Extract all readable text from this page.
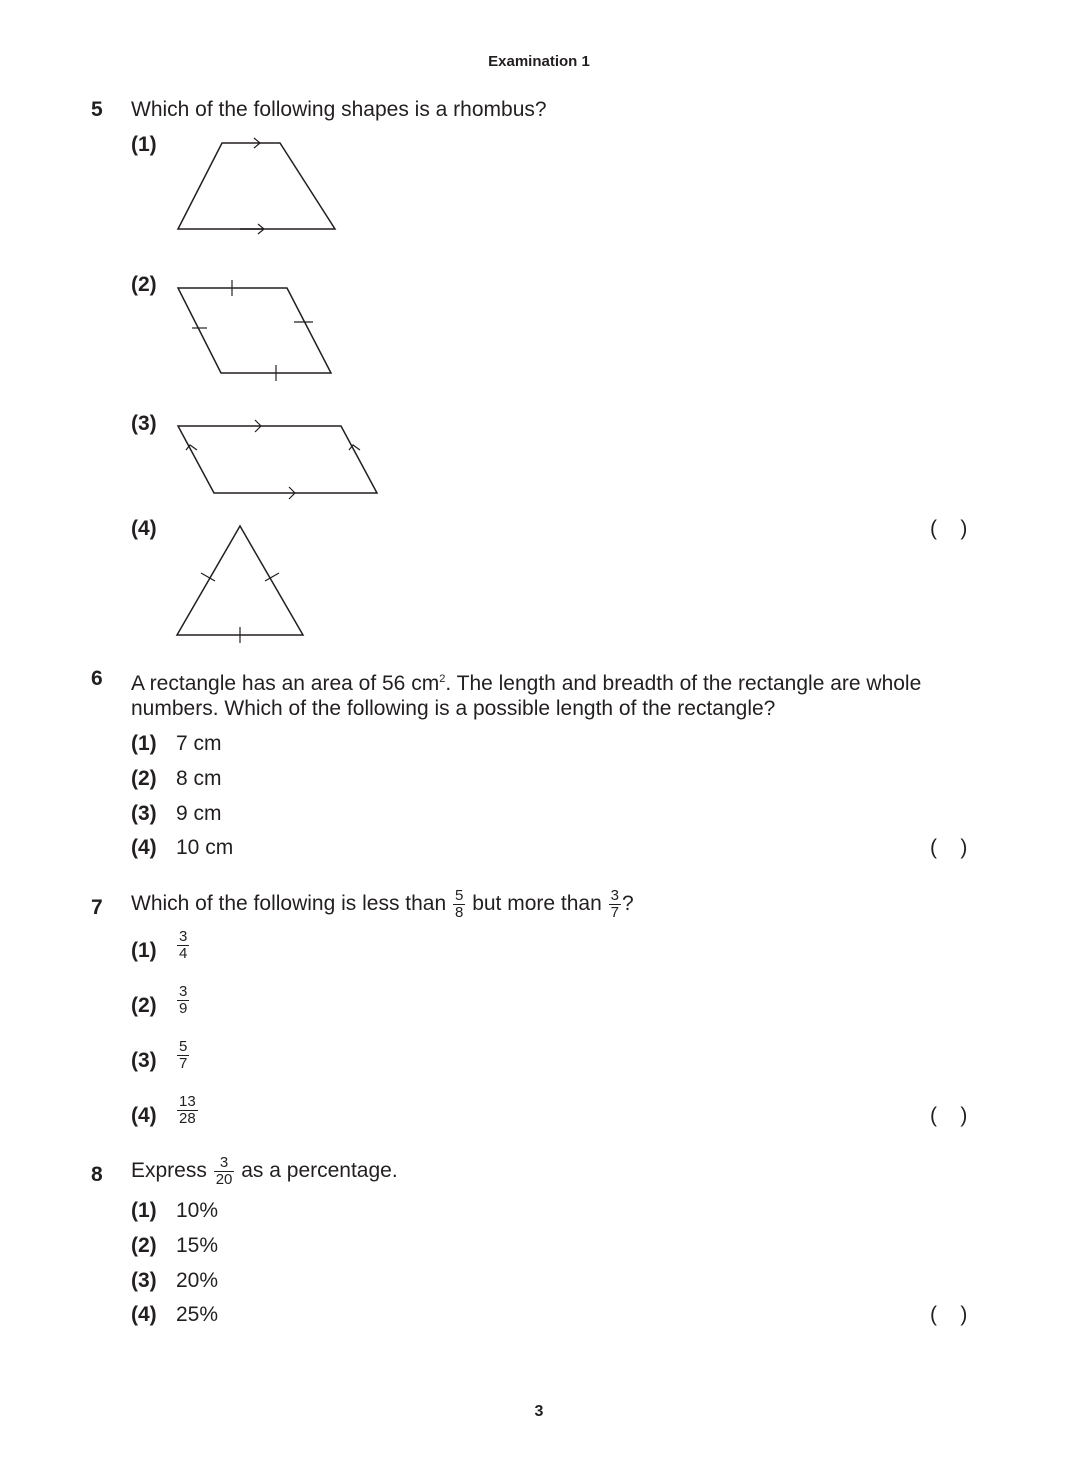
Examination 1
5 Which of the following shapes is a rhombus?
(1)
(2)
(3)
(4)	(    )
6 A rectangle has an area of 56 $cm^2$. The length and breadth of the rectangle are whole
numbers. Which of the following is a possible length of the rectangle?
(1) 7 cm
(2) 8 cm
(3) 9 cm
(4) 10 cm	(    )
7 Which of the following is less than $\frac{5}{8}$ but more than $\frac{3}{7}$ ?
$(1) \frac{3}{4}$
$(2) \frac{3}{9}$
$(3) \frac{5}{7}$
$(4) \frac{13}{28}$	(    )
8 Express $\frac{3}{20}$ as a percentage.
(1) 10%
(2) 15%
(3) 20%
(4) 25%	(    )
3
